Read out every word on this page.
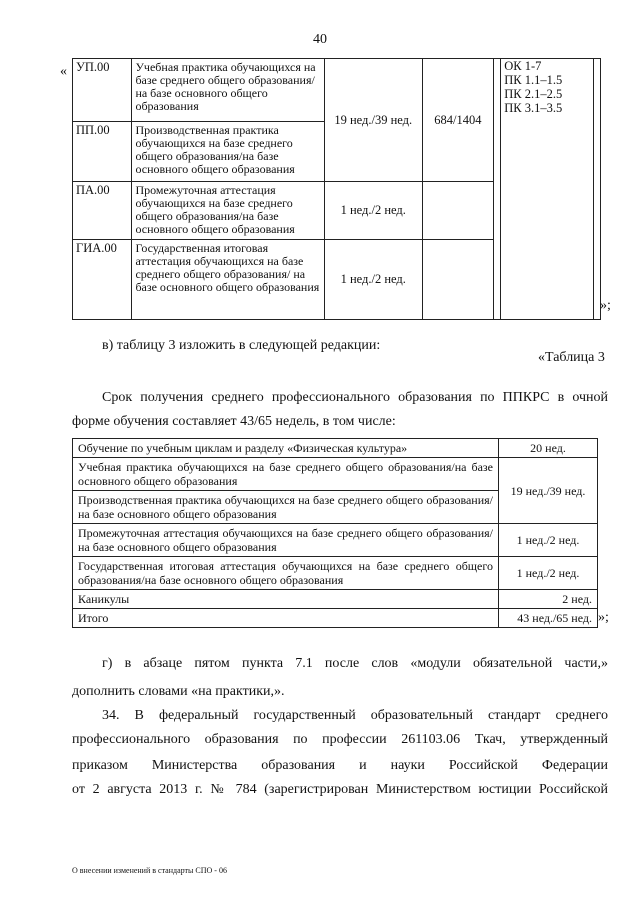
40
« УП.00	Учебная практика обучающихся на базе среднего общего образования/на базе основного общего образования	19 нед./39 нед.	684/1404		ОК 1-7
ПК 1.1–1.5
ПК 2.1–2.5
ПК 3.1–3.5	

ПП.00	Производственная практика обучающихся на базе среднего общего образования/на базе основного общего образования					
ПА.00	Промежуточная аттестация обучающихся на базе среднего общего образования/на базе основного общего образования	1 нед./2 нед.				
ГИА.00	Государственная итоговая аттестация обучающихся на базе среднего общего образования/ на базе основного общего образования	1 нед./2 нед.				
»;
в) таблицу 3 изложить в следующей редакции:
«Таблица 3
Срок получения среднего профессионального образования по ППКРС в очной
форме обучения составляет 43/65 недель, в том числе:
Обучение по учебным циклам и разделу «Физическая культура»	20 нед.
Учебная практика обучающихся на базе среднего общего образования/на базе основного общего образования	19 нед./39 нед.
Производственная практика обучающихся на базе среднего общего образования/на базе основного общего образования	
Промежуточная аттестация обучающихся на базе среднего общего образования/на базе основного общего образования	1 нед./2 нед.
Государственная итоговая аттестация обучающихся на базе среднего общего образования/на базе основного общего образования	1 нед./2 нед.
Каникулы	2 нед.
Итого	43 нед./65 нед. »;
г) в абзаце пятом пункта 7.1 после слов «модули обязательной части,»
дополнить словами «на практики,».
34. В федеральный государственный образовательный стандарт среднего
профессионального образования по профессии 261103.06 Ткач, утвержденный
приказом Министерства образования и науки Российской Федерации
от 2 августа 2013 г. № 784 (зарегистрирован Министерством юстиции Российской
О внесении изменений в стандарты СПО - 06
